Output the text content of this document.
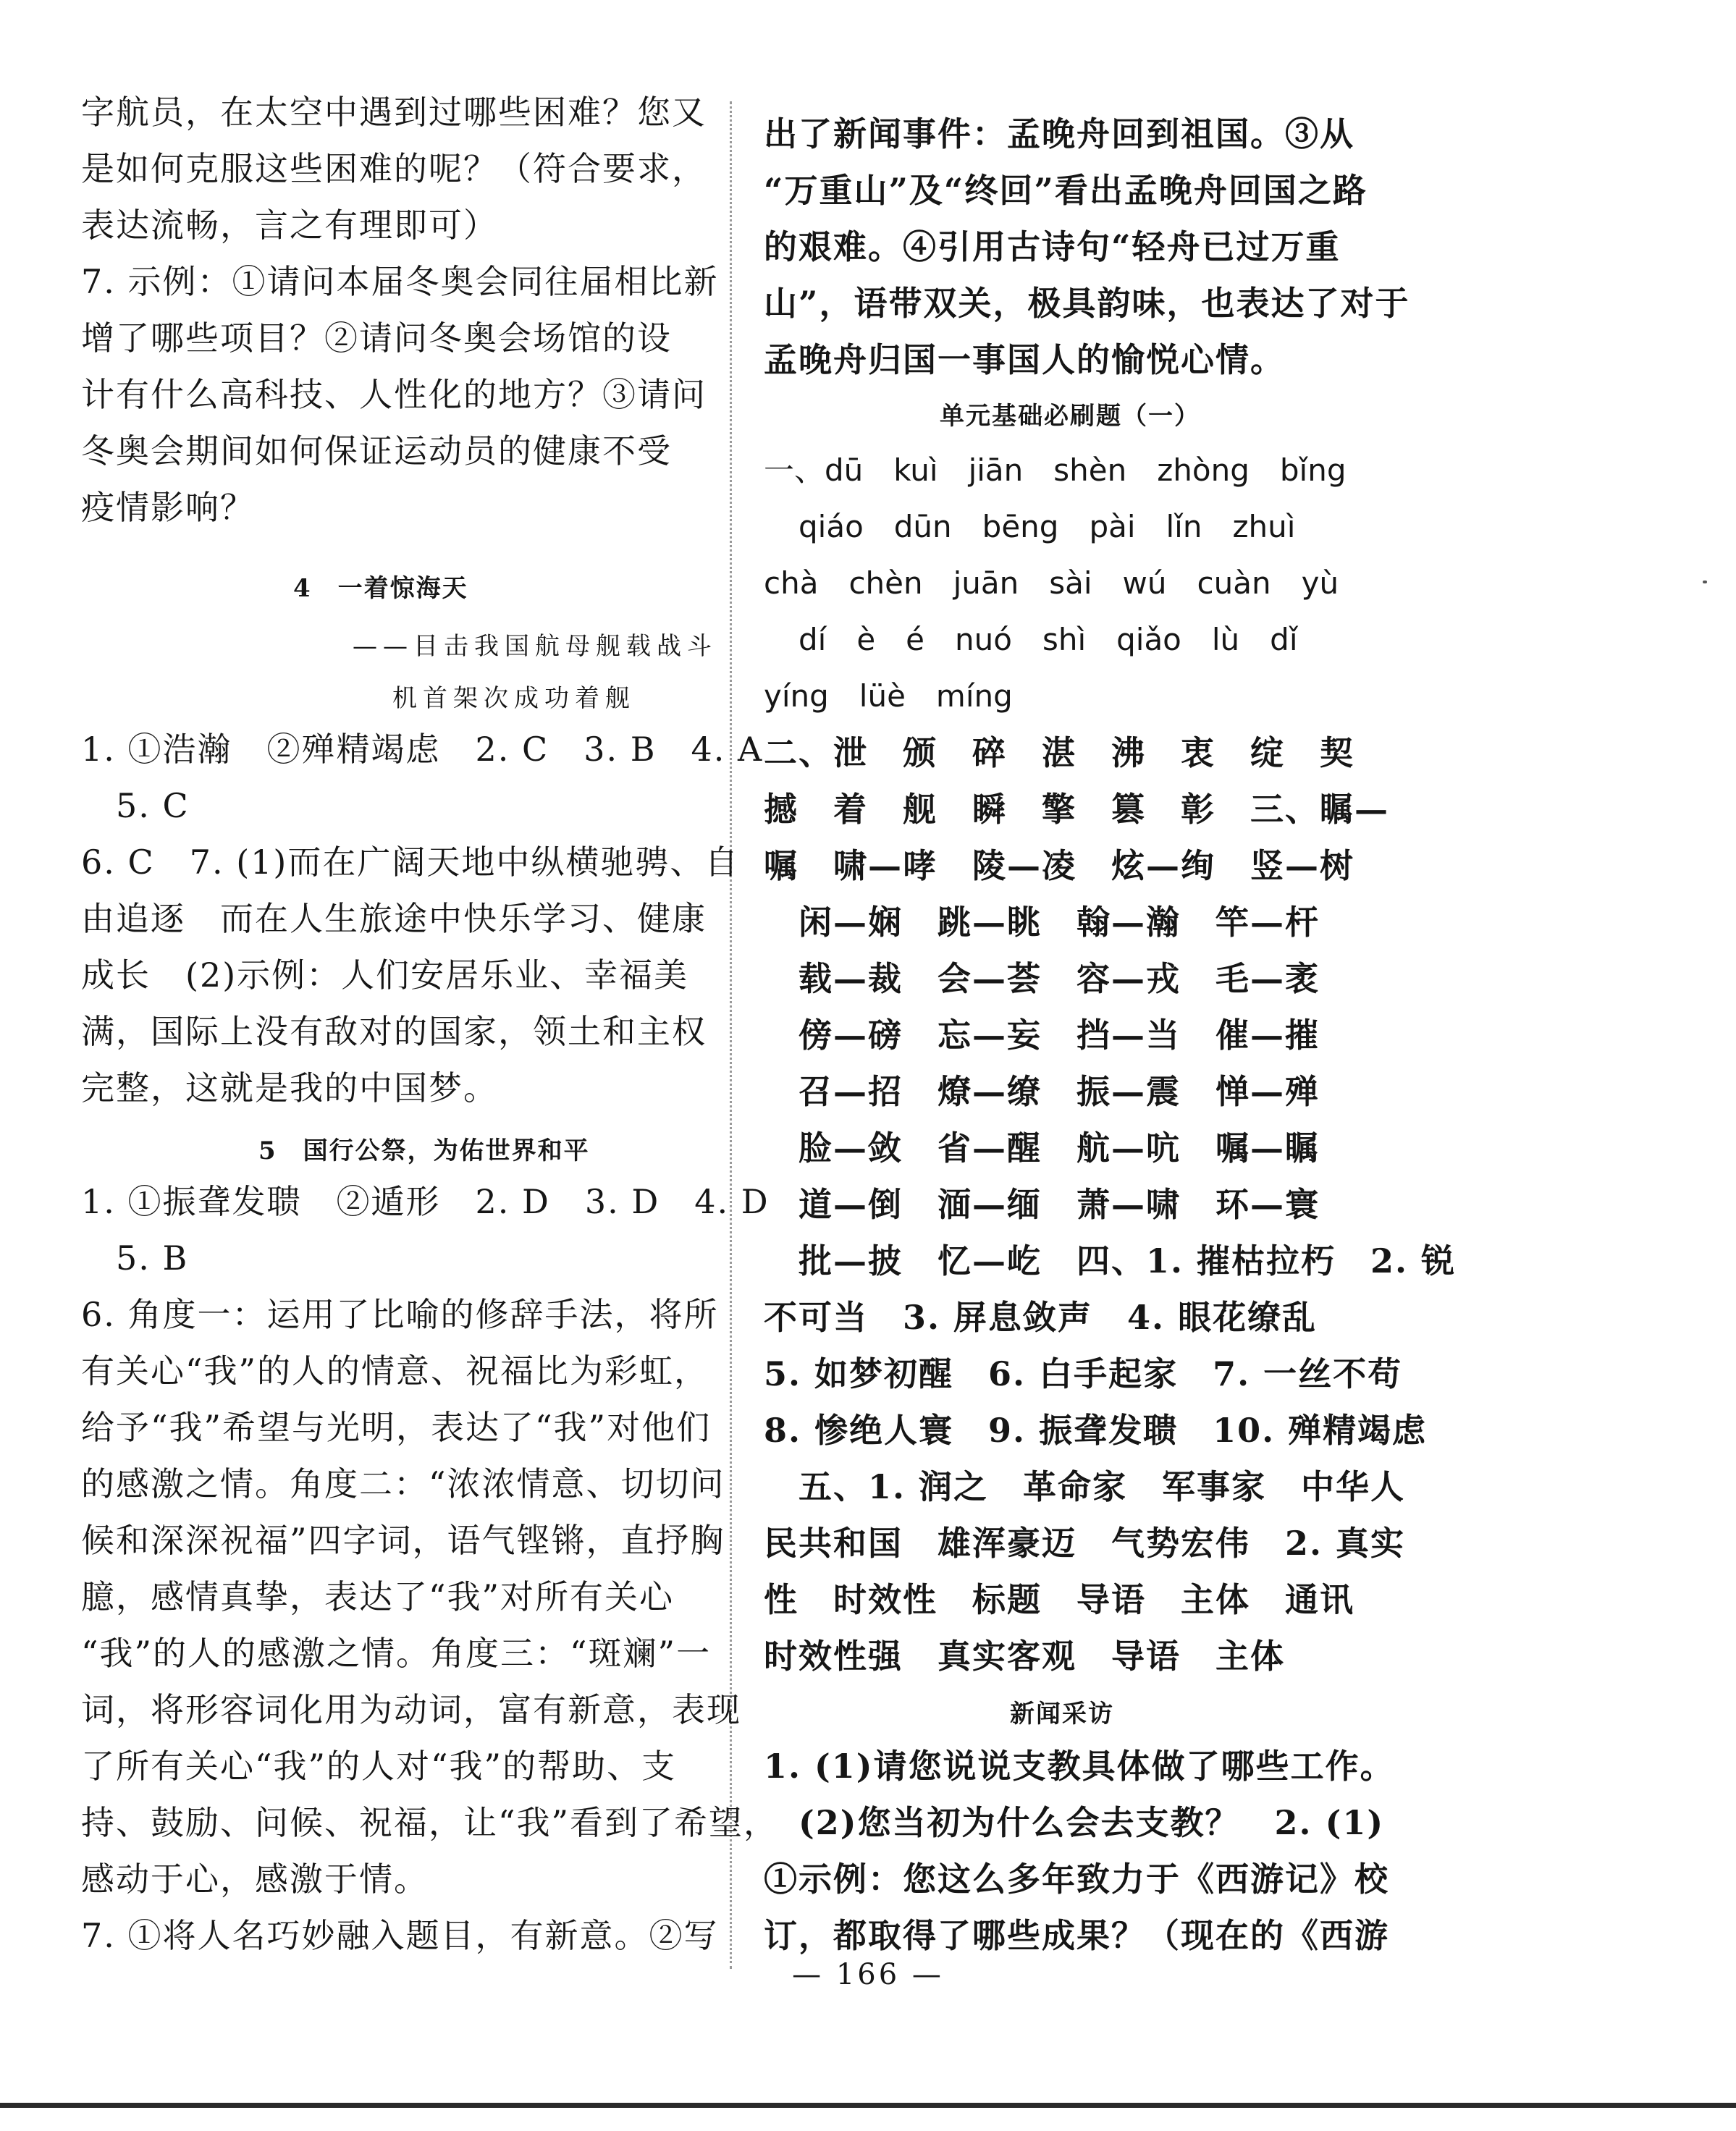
字航员，在太空中遇到过哪些困难？您又
是如何克服这些困难的呢？（符合要求，
表达流畅，言之有理即可）
7. 示例：①请问本届冬奥会同往届相比新
增了哪些项目？②请问冬奥会场馆的设
计有什么高科技、人性化的地方？③请问
冬奥会期间如何保证运动员的健康不受
疫情影响？
4　一着惊海天
——目击我国航母舰载战斗
机首架次成功着舰
1. ①浩瀚　②殚精竭虑　2. C　3. B　4. A
5. C
6. C　7. (1)而在广阔天地中纵横驰骋、自
由追逐　而在人生旅途中快乐学习、健康
成长　(2)示例：人们安居乐业、幸福美
满，国际上没有敌对的国家，领土和主权
完整，这就是我的中国梦。
5　国行公祭，为佑世界和平
1. ①振聋发聩　②遁形　2. D　3. D　4. D
5. B
6. 角度一：运用了比喻的修辞手法，将所
有关心“我”的人的情意、祝福比为彩虹，
给予“我”希望与光明，表达了“我”对他们
的感激之情。角度二：“浓浓情意、切切问
候和深深祝福”四字词，语气铿锵，直抒胸
臆，感情真挚，表达了“我”对所有关心
“我”的人的感激之情。角度三：“斑斓”一
词，将形容词化用为动词，富有新意，表现
了所有关心“我”的人对“我”的帮助、支
持、鼓励、问候、祝福，让“我”看到了希望，
感动于心，感激于情。
7. ①将人名巧妙融入题目，有新意。②写
出了新闻事件：孟晚舟回到祖国。③从
“万重山”及“终回”看出孟晚舟回国之路
的艰难。④引用古诗句“轻舟已过万重
山”，语带双关，极具韵味，也表达了对于
孟晚舟归国一事国人的愉悦心情。
单元基础必刷题（一）
一、dū　kuì　jiān　shèn　zhòng　bǐng
qiáo　dūn　bēng　pài　lǐn　zhuì
chà　chèn　juān　sài　wú　cuàn　yù
dí　è　é　nuó　shì　qiǎo　lù　dǐ
yíng　lüè　míng
二、泄　颁　碎　湛　沸　衷　绽　契
撼　着　舰　瞬　擎　篡　彰　三、瞩—
嘱　啸—哮　陵—凌　炫—绚　竖—树
闲—娴　跳—眺　翰—瀚　竿—杆
载—裁　会—荟　容—戎　毛—袤
傍—磅　忘—妄　挡—当　催—摧
召—招　燎—缭　振—震　惮—殚
脸—敛　省—醒　航—吭　嘱—瞩
道—倒　湎—缅　萧—啸　环—寰
批—披　忆—屹　四、1. 摧枯拉朽　2. 锐
不可当　3. 屏息敛声　4. 眼花缭乱
5. 如梦初醒　6. 白手起家　7. 一丝不苟
8. 惨绝人寰　9. 振聋发聩　10. 殚精竭虑
五、1. 润之　革命家　军事家　中华人
民共和国　雄浑豪迈　气势宏伟　2. 真实
性　时效性　标题　导语　主体　通讯
时效性强　真实客观　导语　主体
新闻采访
1. (1)请您说说支教具体做了哪些工作。
(2)您当初为什么会去支教？　2. (1)
①示例：您这么多年致力于《西游记》校
订，都取得了哪些成果？（现在的《西游
— 166 —
